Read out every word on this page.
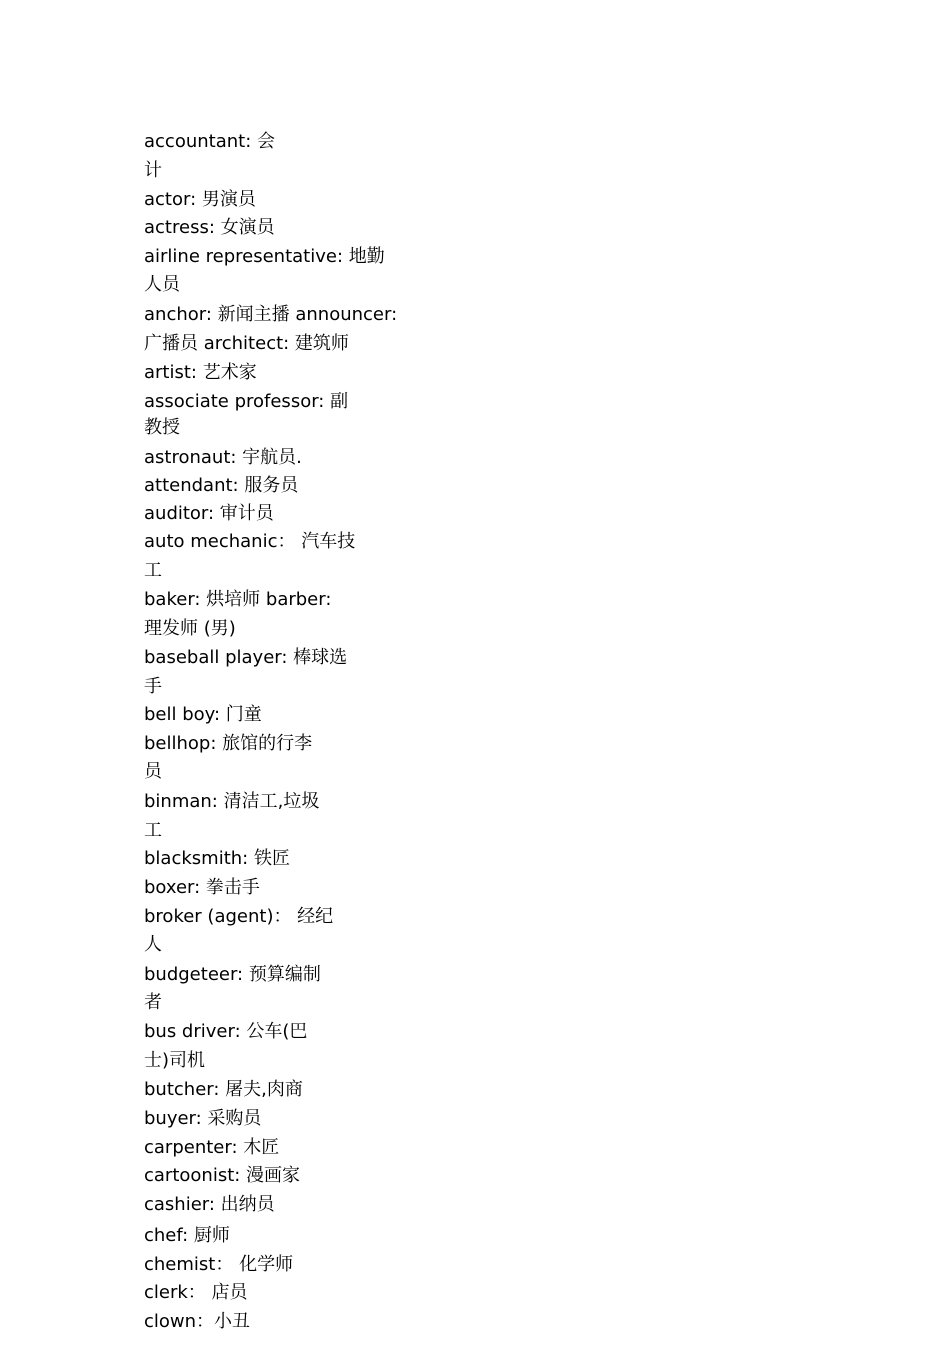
accountant: 会
计
actor: 男演员
actress: 女演员
airline representative: 地勤
人员
anchor: 新闻主播 announcer:
广播员 architect: 建筑师
artist: 艺术家
associate professor: 副
教授
astronaut: 宇航员.
attendant: 服务员
auditor: 审计员
auto mechanic： 汽车技
工
baker: 烘培师 barber:
理发师 (男)
baseball player: 棒球选
手
bell boy: 门童
bellhop: 旅馆的行李
员
binman: 清洁工,垃圾
工
blacksmith: 铁匠
boxer: 拳击手
broker (agent)： 经纪
人
budgeteer: 预算编制
者
bus driver: 公车(巴
士)司机
butcher: 屠夫,肉商
buyer: 采购员
carpenter: 木匠
cartoonist: 漫画家
cashier: 出纳员
chef: 厨师
chemist： 化学师
clerk： 店员
clown：小丑
